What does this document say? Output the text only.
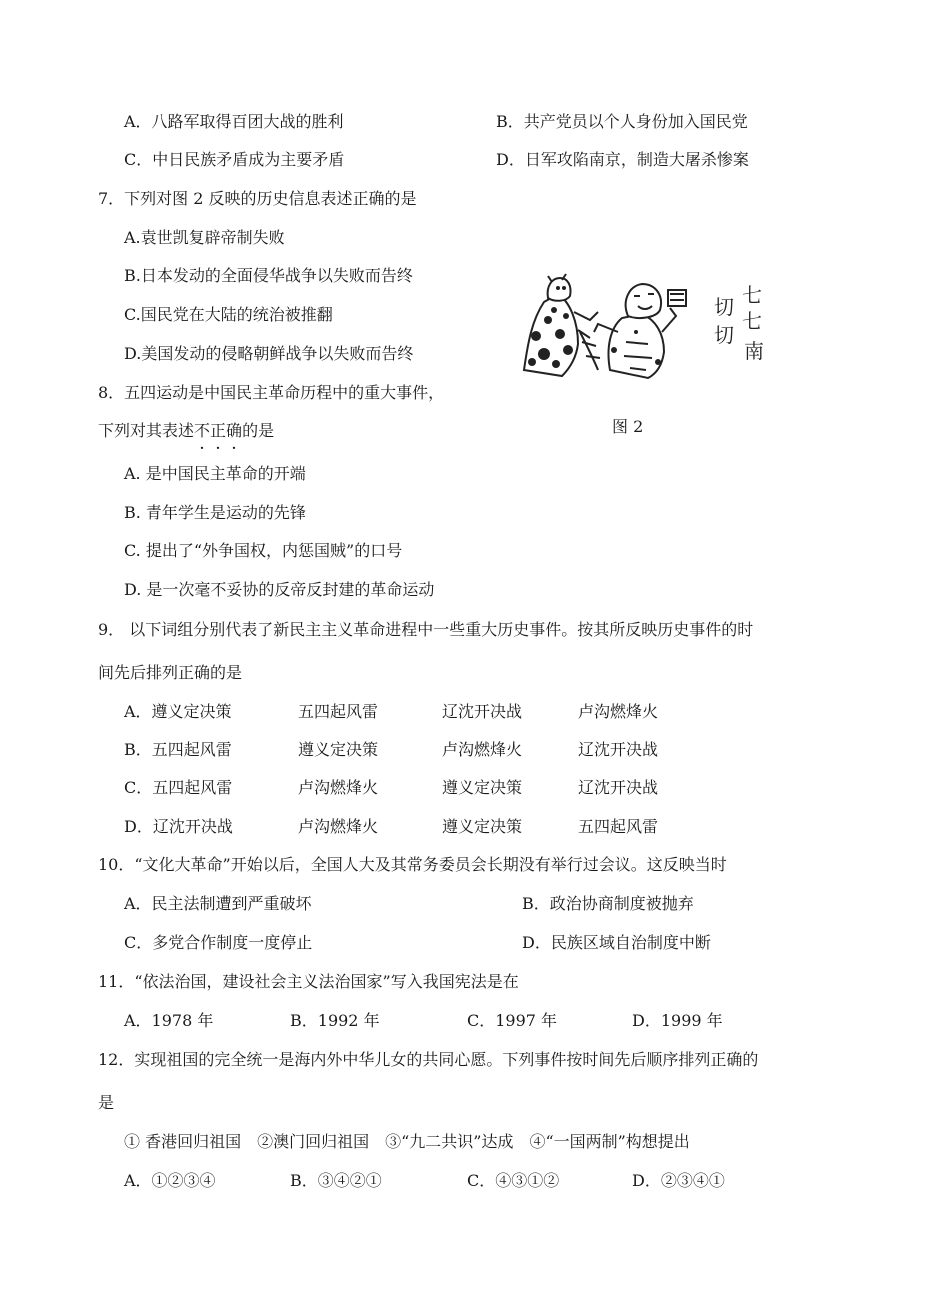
A．八路军取得百团大战的胜利	B．共产党员以个人身份加入国民党
C．中日民族矛盾成为主要矛盾	D．日军攻陷南京，制造大屠杀惨案
7．下列对图 2 反映的历史信息表述正确的是
A.袁世凯复辟帝制失败
B.日本发动的全面侵华战争以失败而告终
C.国民党在大陆的统治被推翻
D.美国发动的侵略朝鲜战争以失败而告终
切
切
七
七
南
图 2
8．五四运动是中国民主革命历程中的重大事件，
下列对其表述不正确的是
A. 是中国民主革命的开端
B. 青年学生是运动的先锋
C. 提出了“外争国权，内惩国贼”的口号
D. 是一次毫不妥协的反帝反封建的革命运动
9． 以下词组分别代表了新民主主义革命进程中一些重大历史事件。按其所反映历史事件的时
间先后排列正确的是
A．遵义定决策	五四起风雷	辽沈开决战	卢沟燃烽火
B．五四起风雷	遵义定决策	卢沟燃烽火	辽沈开决战
C．五四起风雷	卢沟燃烽火	遵义定决策	辽沈开决战
D．辽沈开决战	卢沟燃烽火	遵义定决策	五四起风雷
10．“文化大革命”开始以后，全国人大及其常务委员会长期没有举行过会议。这反映当时
A．民主法制遭到严重破坏	B．政治协商制度被抛弃
C．多党合作制度一度停止	D．民族区域自治制度中断
11．“依法治国，建设社会主义法治国家”写入我国宪法是在
A．1978 年	B．1992 年	C．1997 年	D．1999 年
12．实现祖国的完全统一是海内外中华儿女的共同心愿。下列事件按时间先后顺序排列正确的
是
① 香港回归祖国　②澳门回归祖国　③“九二共识”达成　④“一国两制”构想提出
A．①②③④	B．③④②①	C．④③①②	D．②③④①
